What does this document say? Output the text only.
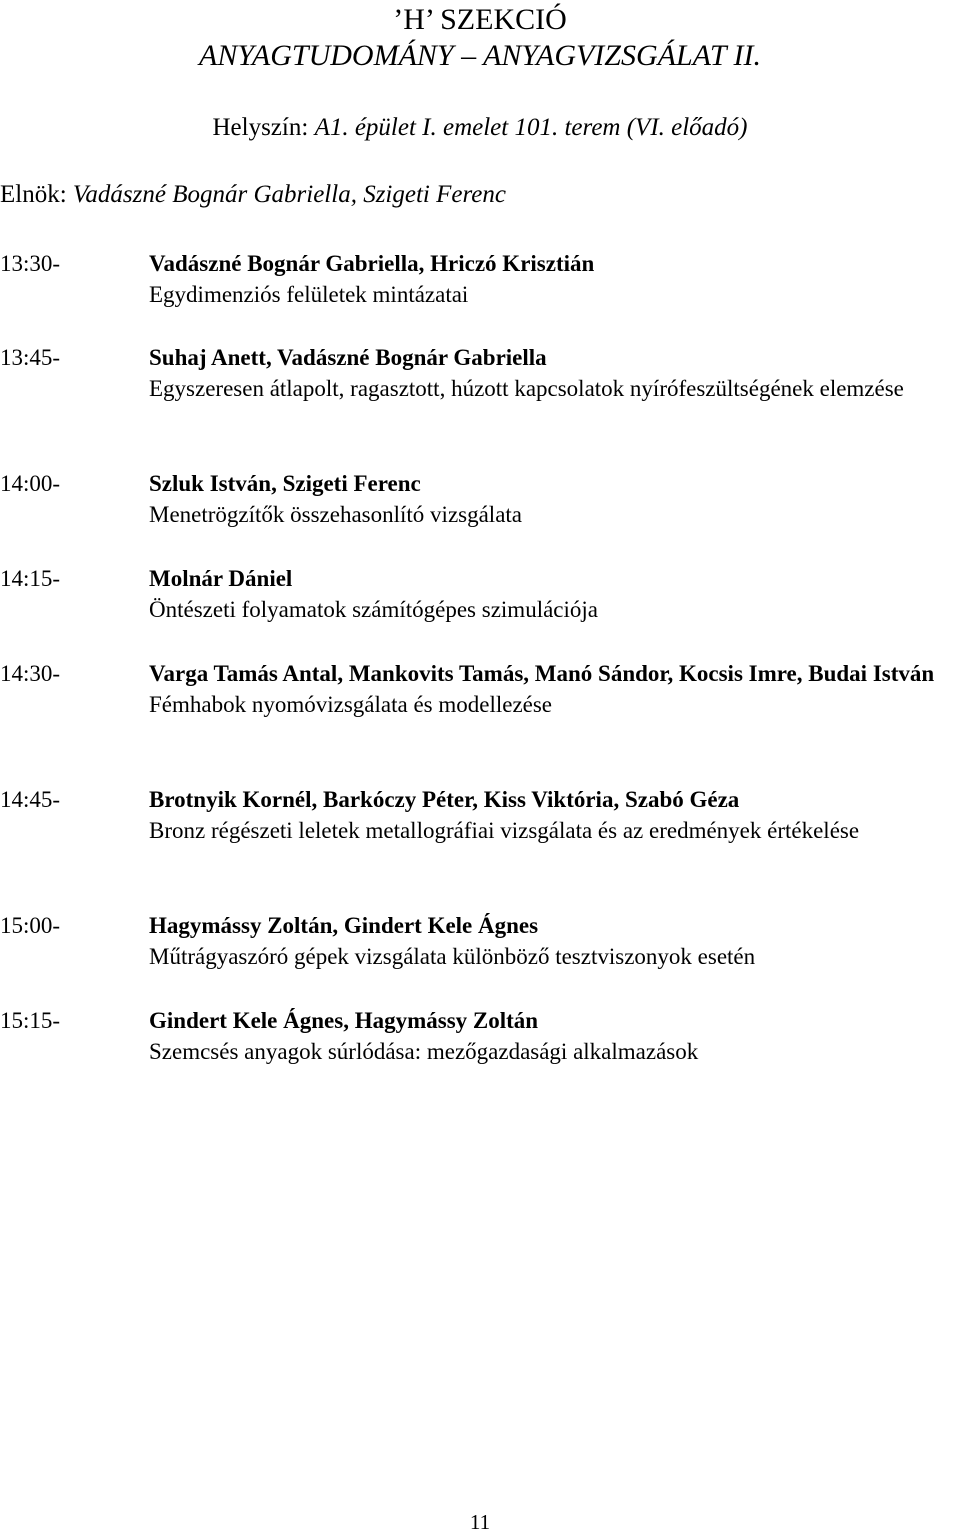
’H’ SZEKCIÓ
ANYAGTUDOMÁNY – ANYAGVIZSGÁLAT II.
Helyszín: A1. épület I. emelet 101. terem (VI. előadó)
Elnök: Vadászné Bognár Gabriella, Szigeti Ferenc
13:30-	Vadászné Bognár Gabriella, Hriczó Krisztián
Egydimenziós felületek mintázatai
13:45-	Suhaj Anett, Vadászné Bognár Gabriella
Egyszeresen átlapolt, ragasztott, húzott kapcsolatok nyírófeszültségének elemzése
14:00-	Szluk István, Szigeti Ferenc
Menetrögzítők összehasonlító vizsgálata
14:15-	Molnár Dániel
Öntészeti folyamatok számítógépes szimulációja
14:30-	Varga Tamás Antal, Mankovits Tamás, Manó Sándor, Kocsis Imre, Budai István
Fémhabok nyomóvizsgálata és modellezése
14:45-	Brotnyik Kornél, Barkóczy Péter, Kiss Viktória, Szabó Géza
Bronz régészeti leletek metallográfiai vizsgálata és az eredmények értékelése
15:00-	Hagymássy Zoltán, Gindert Kele Ágnes
Műtrágyaszóró gépek vizsgálata különböző tesztviszonyok esetén
15:15-	Gindert Kele Ágnes, Hagymássy Zoltán
Szemcsés anyagok súrlódása: mezőgazdasági alkalmazások
11
